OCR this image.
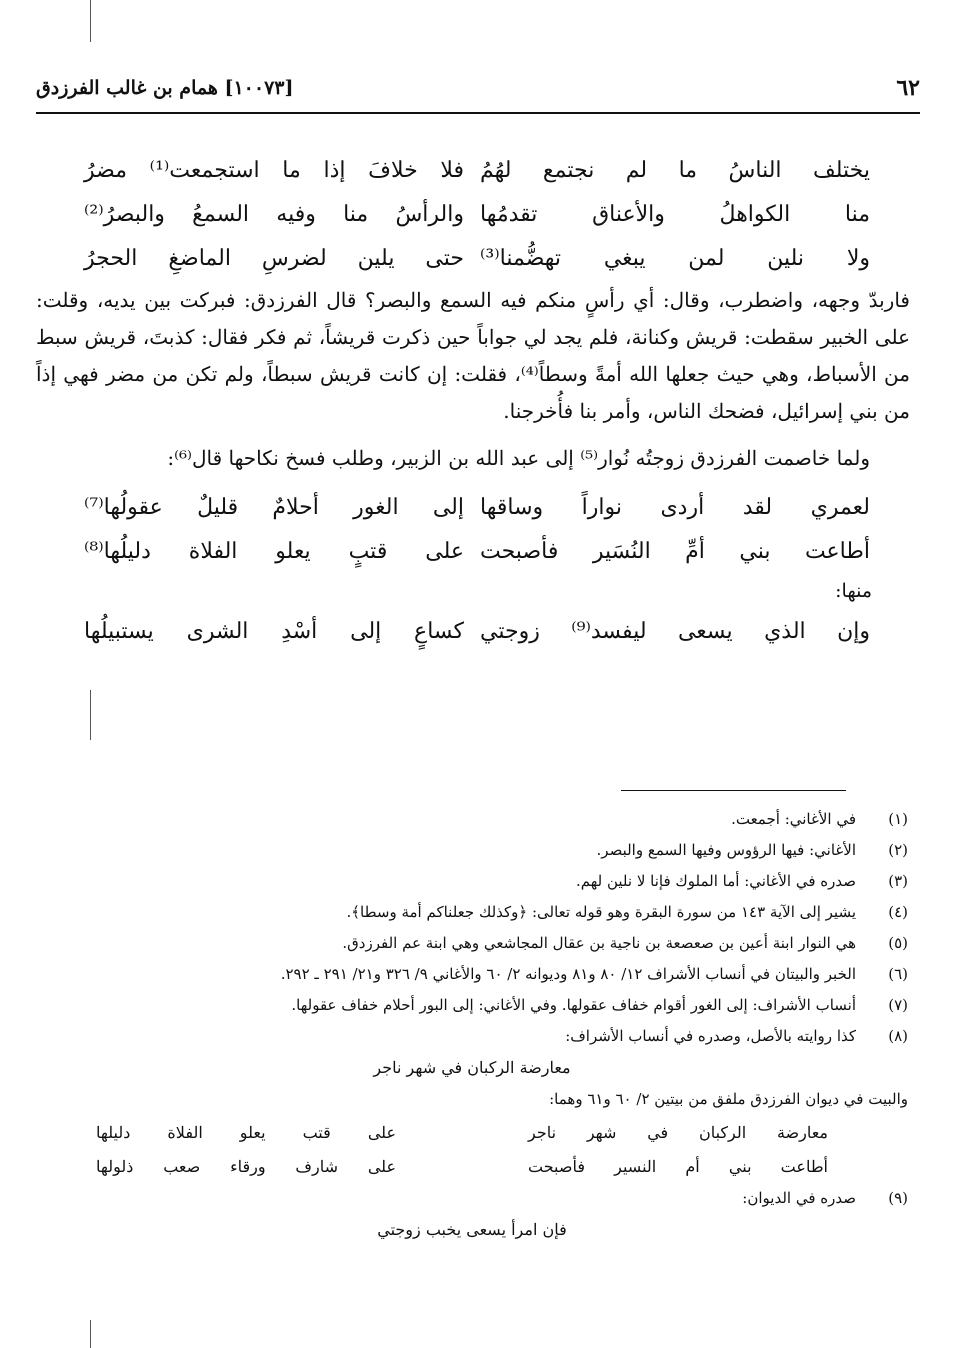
٦٢
[١٠٠٧٣] همام بن غالب الفرزدق
يختلف الناسُ ما لم نجتمع لهُمُ
فلا خلافَ إذا ما استجمعت⁽¹⁾ مضرُ
منا الكواهلُ والأعناق تقدمُها
والرأسُ منا وفيه السمعُ والبصرُ⁽²⁾
ولا نلين لمن يبغي تهضُّمنا⁽³⁾
حتى يلين لضرسِ الماضغِ الحجرُ

فاربدّ وجهه، واضطرب، وقال: أي رأسٍ منكم فيه السمع والبصر؟ قال الفرزدق: فبركت بين يديه، وقلت: على الخبير سقطت: قريش وكنانة، فلم يجد لي جواباً حين ذكرت قريشاً، ثم فكر فقال: كذبتَ، قريش سبط من الأسباط، وهي حيث جعلها الله أمةً وسطاً⁽⁴⁾، فقلت: إن كانت قريش سبطاً، ولم تكن من مضر فهي إذاً من بني إسرائيل، فضحك الناس، وأمر بنا فأُخرجنا.

ولما خاصمت الفرزدق زوجتُه نُوار⁽⁵⁾ إلى عبد الله بن الزبير، وطلب فسخ نكاحها قال⁽⁶⁾:

لعمري لقد أردى نواراً وساقها
إلى الغور أحلامٌ قليلٌ عقولُها⁽⁷⁾
أطاعت بني أمِّ النُسَير فأصبحت
على قتبٍ يعلو الفلاة دليلُها⁽⁸⁾
منها:
وإن الذي يسعى ليفسد⁽⁹⁾ زوجتي
كساعٍ إلى أسْدِ الشرى يستبيلُها
(١)
في الأغاني: أجمعت.
(٢)
الأغاني: فيها الرؤوس وفيها السمع والبصر.
(٣)
صدره في الأغاني: أما الملوك فإنا لا نلين لهم.
(٤)
يشير إلى الآية ١٤٣ من سورة البقرة وهو قوله تعالى: ﴿وكذلك جعلناكم أمة وسطا﴾.
(٥)
هي النوار ابنة أعين بن صعصعة بن ناجية بن عقال المجاشعي وهي ابنة عم الفرزدق.
(٦)
الخبر والبيتان في أنساب الأشراف ١٢/ ٨٠ و٨١ وديوانه ٢/ ٦٠ والأغاني ٩/ ٣٢٦ و٢١/ ٢٩١ ـ ٢٩٢.
(٧)
أنساب الأشراف: إلى الغور أقوام خفاف عقولها. وفي الأغاني: إلى البور أحلام خفاف عقولها.
(٨)
كذا روايته بالأصل، وصدره في أنساب الأشراف:
معارضة الركبان في شهر ناجر
والبيت في ديوان الفرزدق ملفق من بيتين ٢/ ٦٠ و٦١ وهما:
معارضة الركبان في شهر ناجر
على قتب يعلو الفلاة دليلها
أطاعت بني أم النسير فأصبحت
على شارف ورقاء صعب ذلولها
(٩)
صدره في الديوان:
فإن امرأ يسعى يخبب زوجتي
